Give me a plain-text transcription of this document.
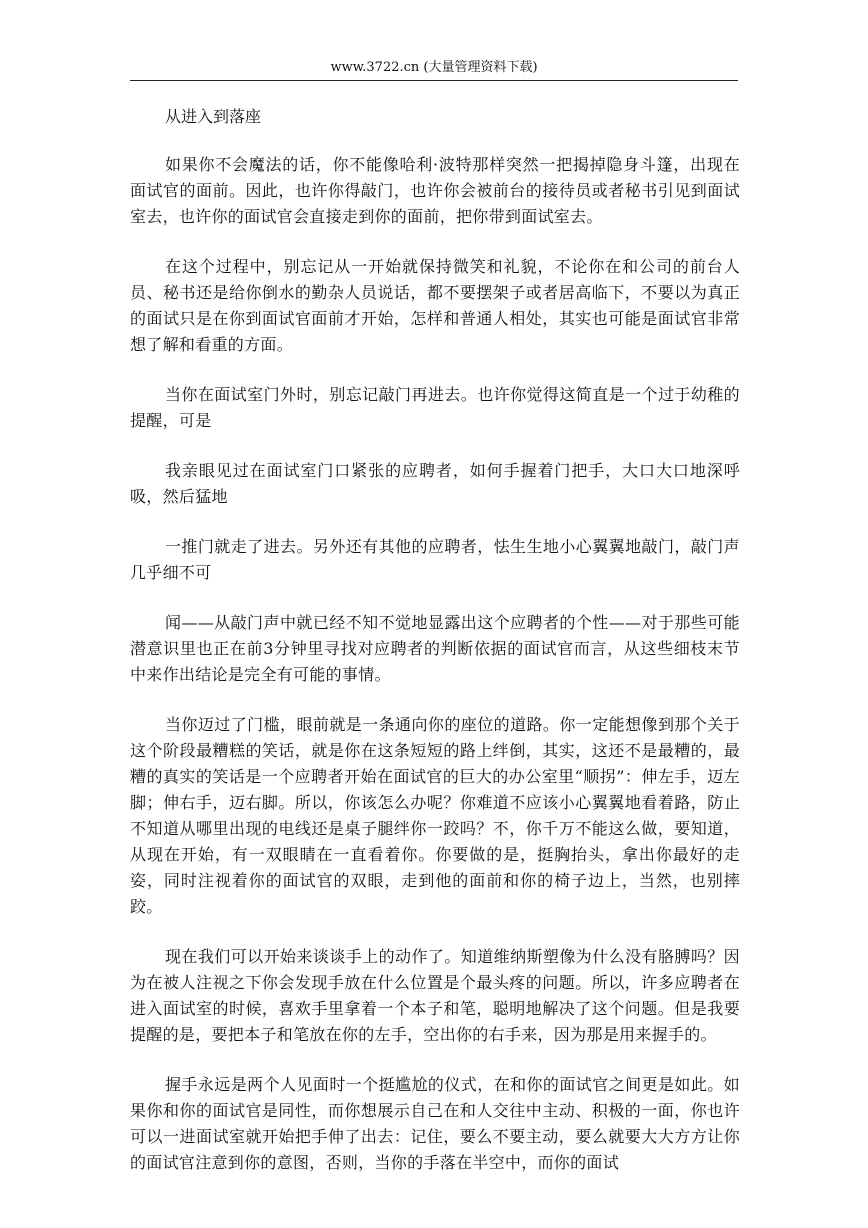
www.3722.cn (大量管理资料下载)

从进入到落座

如果你不会魔法的话，你不能像哈利·波特那样突然一把揭掉隐身斗篷，出现在面试官的面前。因此，也许你得敲门，也许你会被前台的接待员或者秘书引见到面试室去，也许你的面试官会直接走到你的面前，把你带到面试室去。

在这个过程中，别忘记从一开始就保持微笑和礼貌，不论你在和公司的前台人员、秘书还是给你倒水的勤杂人员说话，都不要摆架子或者居高临下，不要以为真正的面试只是在你到面试官面前才开始，怎样和普通人相处，其实也可能是面试官非常想了解和看重的方面。

当你在面试室门外时，别忘记敲门再进去。也许你觉得这简直是一个过于幼稚的提醒，可是

我亲眼见过在面试室门口紧张的应聘者，如何手握着门把手，大口大口地深呼吸，然后猛地

一推门就走了进去。另外还有其他的应聘者，怯生生地小心翼翼地敲门，敲门声几乎细不可

闻——从敲门声中就已经不知不觉地显露出这个应聘者的个性——对于那些可能潜意识里也正在前3分钟里寻找对应聘者的判断依据的面试官而言，从这些细枝末节中来作出结论是完全有可能的事情。

当你迈过了门槛，眼前就是一条通向你的座位的道路。你一定能想像到那个关于这个阶段最糟糕的笑话，就是你在这条短短的路上绊倒，其实，这还不是最糟的，最糟的真实的笑话是一个应聘者开始在面试官的巨大的办公室里“顺拐”：伸左手，迈左脚；伸右手，迈右脚。所以，你该怎么办呢？你难道不应该小心翼翼地看着路，防止不知道从哪里出现的电线还是桌子腿绊你一跤吗？不，你千万不能这么做，要知道，从现在开始，有一双眼睛在一直看着你。你要做的是，挺胸抬头，拿出你最好的走姿，同时注视着你的面试官的双眼，走到他的面前和你的椅子边上，当然，也别摔跤。

现在我们可以开始来谈谈手上的动作了。知道维纳斯塑像为什么没有胳膊吗？因为在被人注视之下你会发现手放在什么位置是个最头疼的问题。所以，许多应聘者在进入面试室的时候，喜欢手里拿着一个本子和笔，聪明地解决了这个问题。但是我要提醒的是，要把本子和笔放在你的左手，空出你的右手来，因为那是用来握手的。

握手永远是两个人见面时一个挺尴尬的仪式，在和你的面试官之间更是如此。如果你和你的面试官是同性，而你想展示自己在和人交往中主动、积极的一面，你也许可以一进面试室就开始把手伸了出去：记住，要么不要主动，要么就要大大方方让你的面试官注意到你的意图，否则，当你的手落在半空中，而你的面试
